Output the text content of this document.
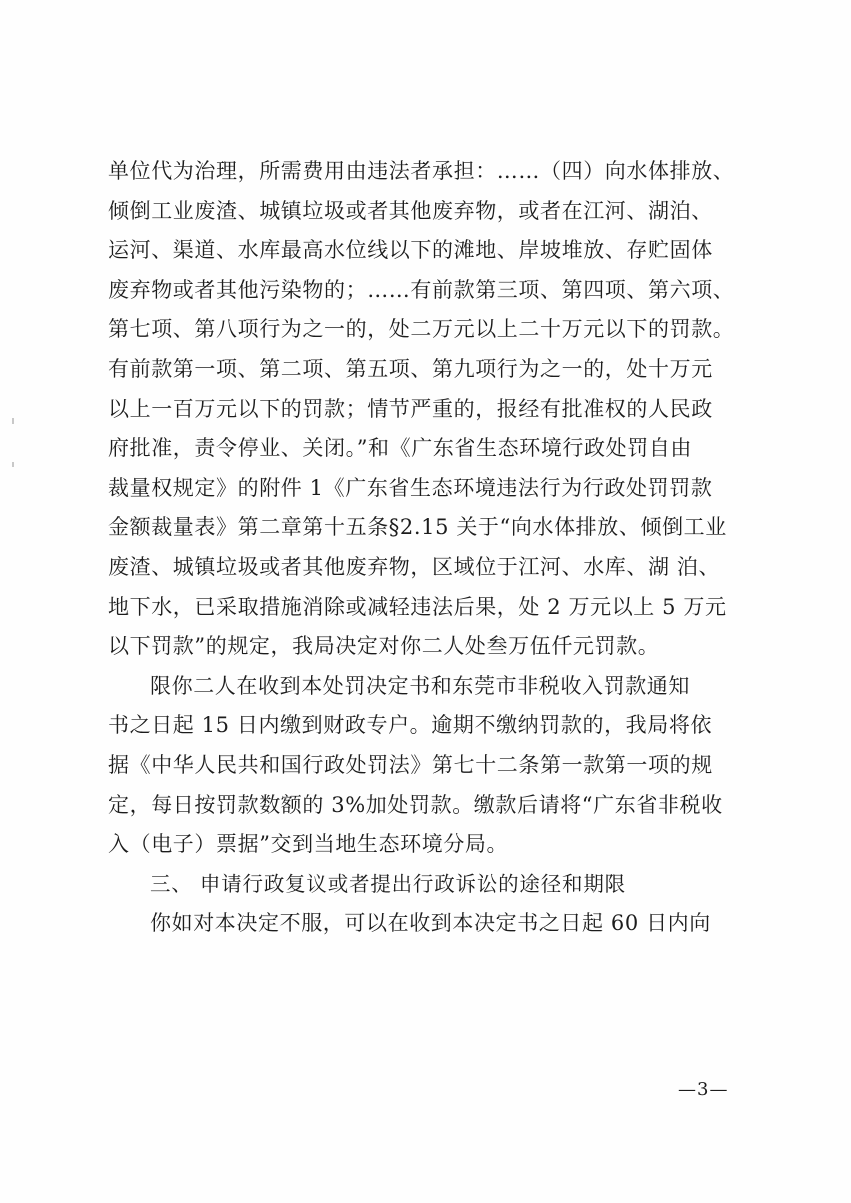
单位代为治理，所需费用由违法者承担：……（四）向水体排放、
倾倒工业废渣、城镇垃圾或者其他废弃物，或者在江河、湖泊、
运河、渠道、水库最高水位线以下的滩地、岸坡堆放、存贮固体
废弃物或者其他污染物的；……有前款第三项、第四项、第六项、
第七项、第八项行为之一的，处二万元以上二十万元以下的罚款。
有前款第一项、第二项、第五项、第九项行为之一的，处十万元
以上一百万元以下的罚款；情节严重的，报经有批准权的人民政
府批准，责令停业、关闭。”和《广东省生态环境行政处罚自由
裁量权规定》的附件 1《广东省生态环境违法行为行政处罚罚款
金额裁量表》第二章第十五条§2.15 关于“向水体排放、倾倒工业
废渣、城镇垃圾或者其他废弃物，区域位于江河、水库、湖 泊、
地下水，已采取措施消除或减轻违法后果，处 2 万元以上 5 万元
以下罚款”的规定，我局决定对你二人处叁万伍仟元罚款。
限你二人在收到本处罚决定书和东莞市非税收入罚款通知
书之日起 15 日内缴到财政专户。逾期不缴纳罚款的，我局将依
据《中华人民共和国行政处罚法》第七十二条第一款第一项的规
定，每日按罚款数额的 3%加处罚款。缴款后请将“广东省非税收
入（电子）票据”交到当地生态环境分局。
三、 申请行政复议或者提出行政诉讼的途径和期限
你如对本决定不服，可以在收到本决定书之日起 60 日内向
—3—
